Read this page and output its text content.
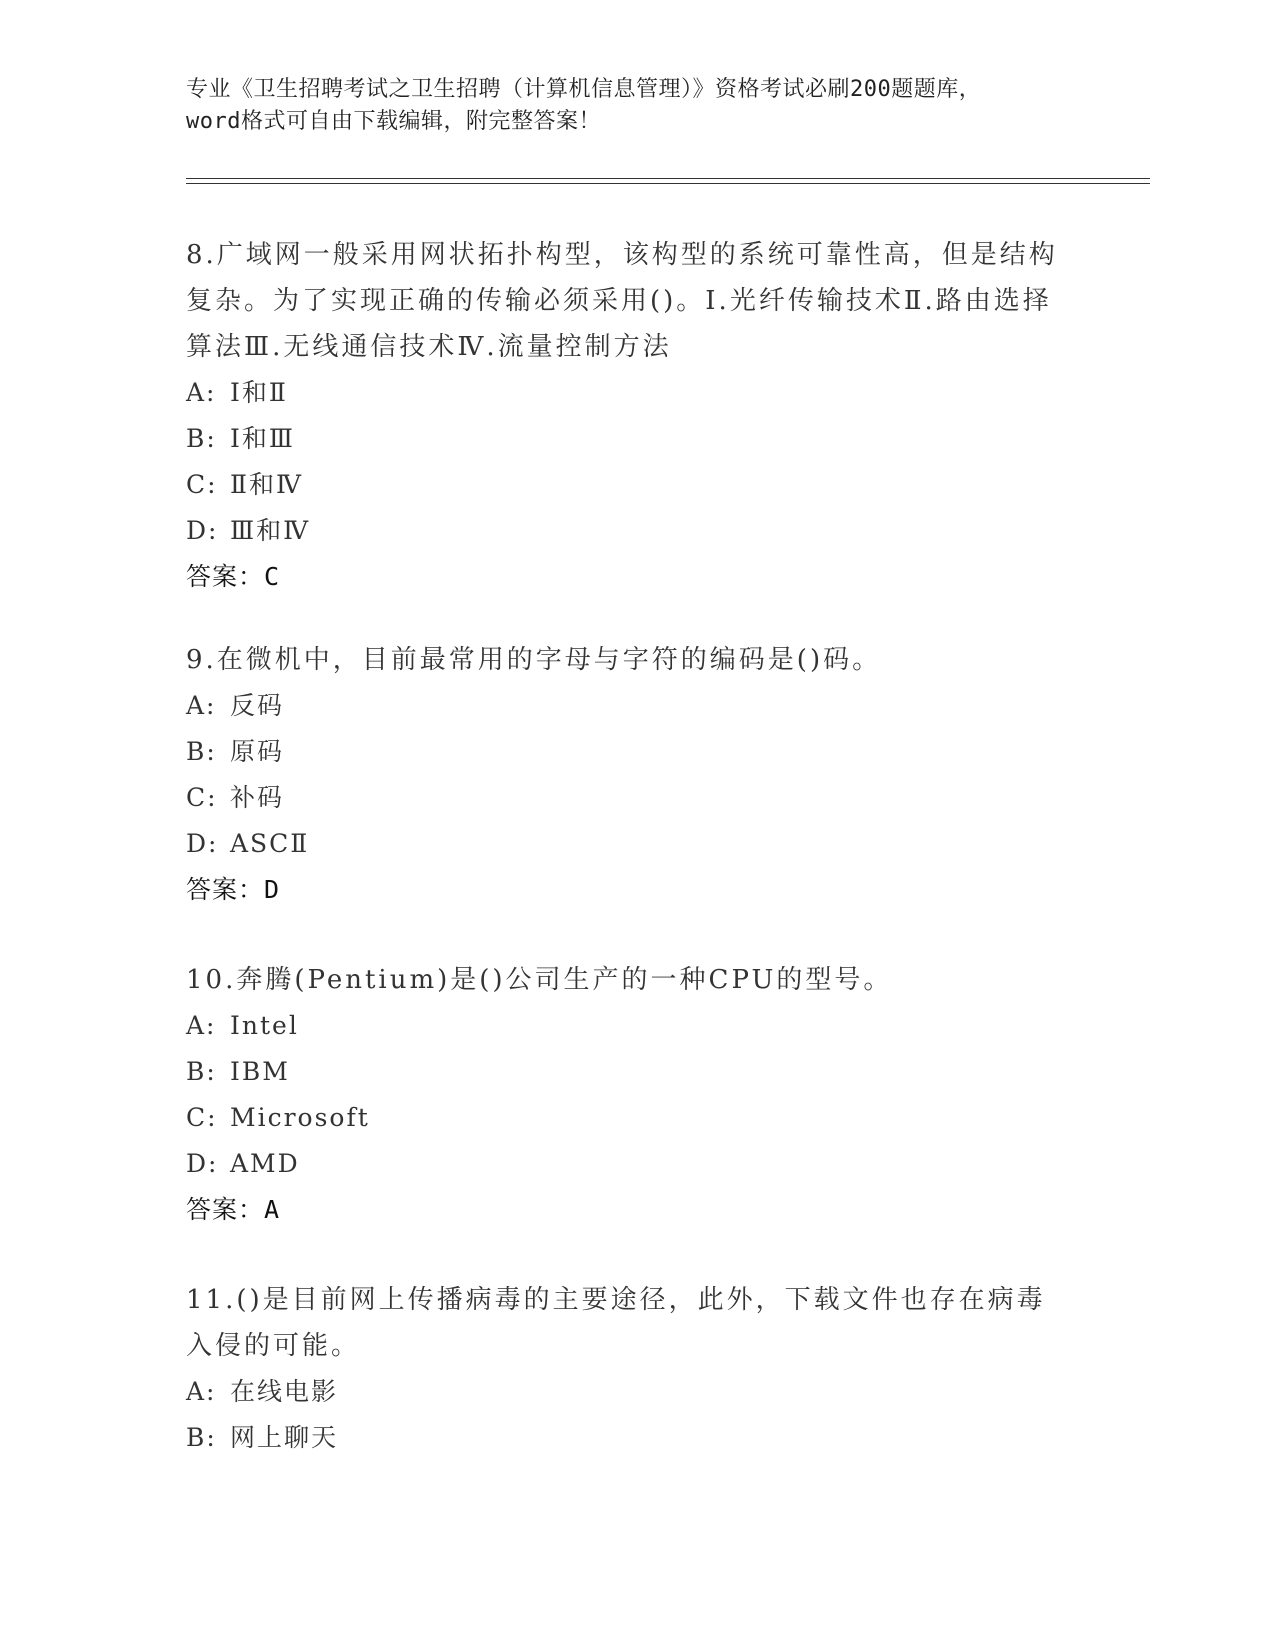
专业《卫生招聘考试之卫生招聘（计算机信息管理）》资格考试必刷200题题库，
word格式可自由下载编辑，附完整答案！

8.广域网一般采用网状拓扑构型，该构型的系统可靠性高，但是结构复杂。为了实现正确的传输必须采用()。Ⅰ.光纤传输技术Ⅱ.路由选择算法Ⅲ.无线通信技术Ⅳ.流量控制方法

A: Ⅰ和Ⅱ

B: Ⅰ和Ⅲ

C: Ⅱ和Ⅳ

D: Ⅲ和Ⅳ

答案：C

9.在微机中，目前最常用的字母与字符的编码是()码。

A: 反码

B: 原码

C: 补码

D: ASCⅡ

答案：D

10.奔腾(Pentium)是()公司生产的一种CPU的型号。

A: Intel

B: IBM

C: Microsoft

D: AMD

答案：A

11.()是目前网上传播病毒的主要途径，此外，下载文件也存在病毒入侵的可能。

A: 在线电影

B: 网上聊天
